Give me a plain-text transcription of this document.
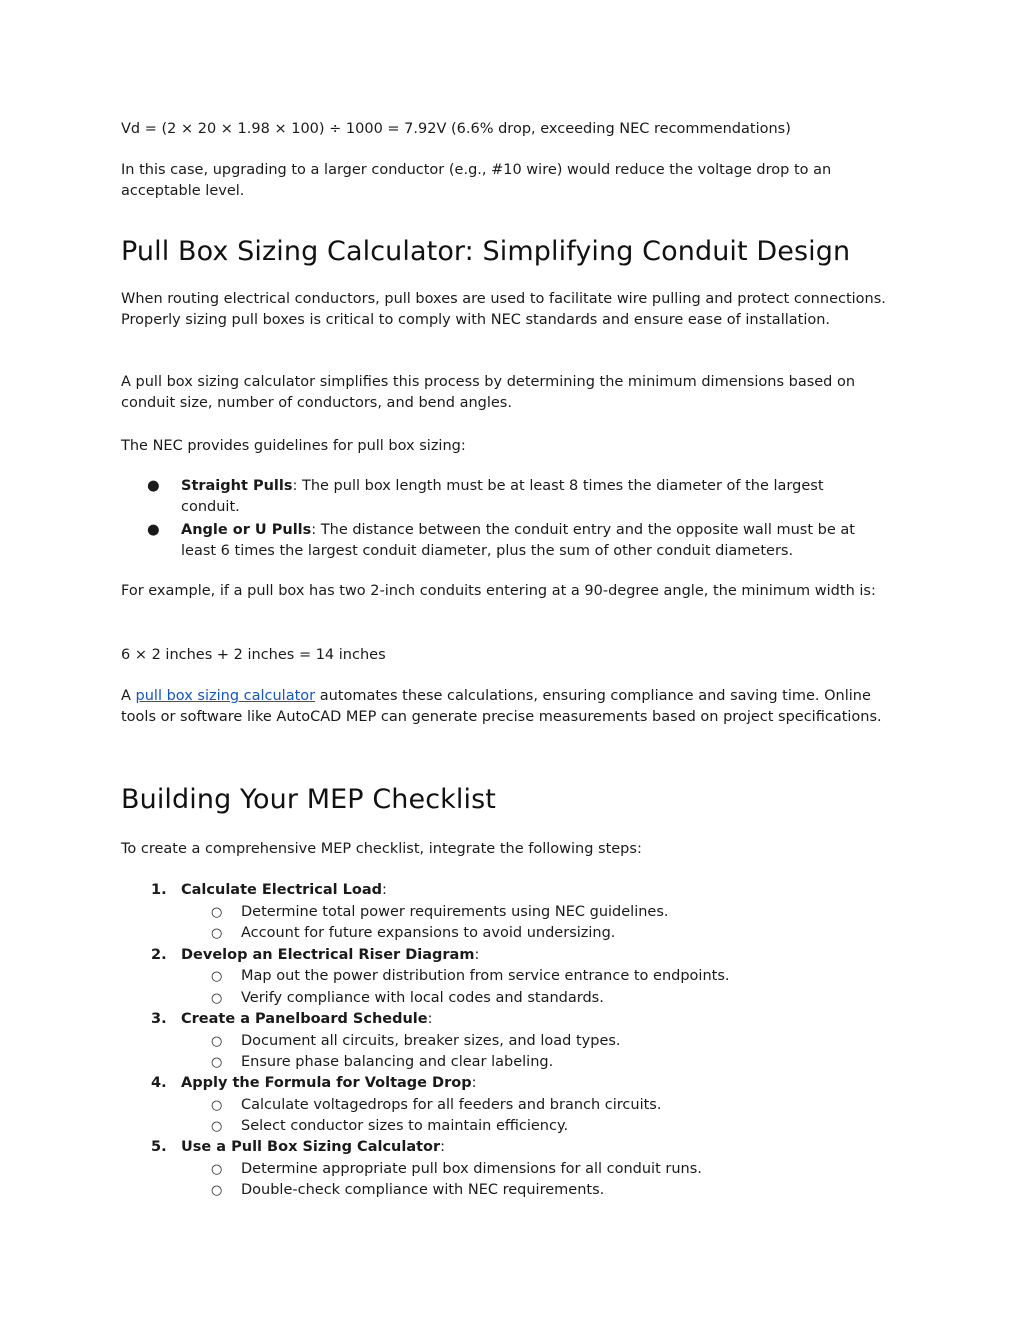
Vd = (2 × 20 × 1.98 × 100) ÷ 1000 = 7.92V (6.6% drop, exceeding NEC recommendations)

In this case, upgrading to a larger conductor (e.g., #10 wire) would reduce the voltage drop to an acceptable level.

Pull Box Sizing Calculator: Simplifying Conduit Design

When routing electrical conductors, pull boxes are used to facilitate wire pulling and protect connections. Properly sizing pull boxes is critical to comply with NEC standards and ensure ease of installation.

A pull box sizing calculator simplifies this process by determining the minimum dimensions based on conduit size, number of conductors, and bend angles.

The NEC provides guidelines for pull box sizing:

● Straight Pulls: The pull box length must be at least 8 times the diameter of the largest conduit.
● Angle or U Pulls: The distance between the conduit entry and the opposite wall must be at least 6 times the largest conduit diameter, plus the sum of other conduit diameters.

For example, if a pull box has two 2-inch conduits entering at a 90-degree angle, the minimum width is:

6 × 2 inches + 2 inches = 14 inches

A pull box sizing calculator automates these calculations, ensuring compliance and saving time. Online tools or software like AutoCAD MEP can generate precise measurements based on project specifications.

Building Your MEP Checklist

To create a comprehensive MEP checklist, integrate the following steps:

1. Calculate Electrical Load:
○ Determine total power requirements using NEC guidelines.
○ Account for future expansions to avoid undersizing.
2. Develop an Electrical Riser Diagram:
○ Map out the power distribution from service entrance to endpoints.
○ Verify compliance with local codes and standards.
3. Create a Panelboard Schedule:
○ Document all circuits, breaker sizes, and load types.
○ Ensure phase balancing and clear labeling.
4. Apply the Formula for Voltage Drop:
○ Calculate voltagedrops for all feeders and branch circuits.
○ Select conductor sizes to maintain efficiency.
5. Use a Pull Box Sizing Calculator:
○ Determine appropriate pull box dimensions for all conduit runs.
○ Double-check compliance with NEC requirements.
